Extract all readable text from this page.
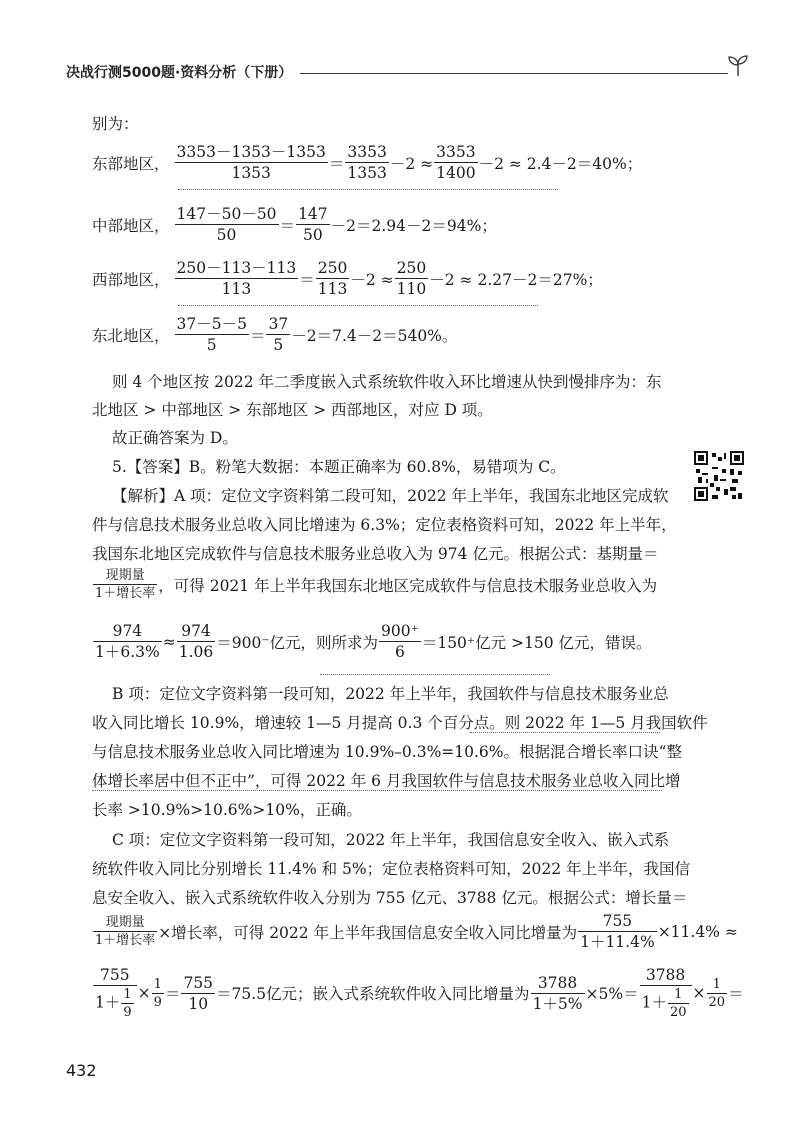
决战行测5000题·资料分析（下册）
别为：
东部地区， $\frac{3353-1353-1353}{1353} = \frac{3353}{1353} -2 \approx \frac{3353}{1400} -2 \approx 2.4-2=40\%$；
中部地区， $\frac{147-50-50}{50} = \frac{147}{50} -2=2.94-2=94\%$；
西部地区， $\frac{250-113-113}{113} = \frac{250}{113} -2 \approx \frac{250}{110} -2 \approx 2.27-2=27\%$；
东北地区， $\frac{37-5-5}{5} = \frac{37}{5} -2=7.4-2=540\%$。
则 4 个地区按 2022 年二季度嵌入式系统软件收入环比增速从快到慢排序为：东
北地区 > 中部地区 > 东部地区 > 西部地区，对应 D 项。
故正确答案为 D。
5.【答案】B。粉笔大数据：本题正确率为 60.8%，易错项为 C。
【解析】A 项：定位文字资料第二段可知，2022 年上半年，我国东北地区完成软
件与信息技术服务业总收入同比增速为 6.3%；定位表格资料可知，2022 年上半年，
我国东北地区完成软件与信息技术服务业总收入为 974 亿元。根据公式：基期量＝
$\frac{\text{现期量}}{\text{1＋增长率}}$ ，可得 2021 年上半年我国东北地区完成软件与信息技术服务业总收入为
$\frac{974}{1+6.3\%} \approx \frac{974}{1.06} =900^-$亿元，则所求为 $\frac{900^+}{6} =150^+$亿元 >150 亿元，错误。
B 项：定位文字资料第一段可知，2022 年上半年，我国软件与信息技术服务业总
收入同比增长 10.9%，增速较 1—5 月提高 0.3 个百分点。则 2022 年 1—5 月我国软件
与信息技术服务业总收入同比增速为 10.9%–0.3%=10.6%。根据混合增长率口诀“整
体增长率居中但不正中”，可得 2022 年 6 月我国软件与信息技术服务业总收入同比增
长率 >10.9%>10.6%>10%，正确。
C 项：定位文字资料第一段可知，2022 年上半年，我国信息安全收入、嵌入式系
统软件收入同比分别增长 11.4% 和 5%；定位表格资料可知，2022 年上半年，我国信
息安全收入、嵌入式系统软件收入分别为 755 亿元、3788 亿元。根据公式：增长量＝
$\frac{\text{现期量}}{\text{1＋增长率}}$ ×增长率，可得 2022 年上半年我国信息安全收入同比增量为 $\frac{755}{1+11.4\%} \times 11.4\%$ ≈
$\frac{755}{1+ \frac{1}{9}} \times \frac{1}{9} = \frac{755}{10} =75.5$亿元；嵌入式系统软件收入同比增量为 $\frac{3788}{1+5\%} \times 5\%= \frac{3788}{1+ \frac{1}{20}} \times \frac{1}{20}$ ＝
432
